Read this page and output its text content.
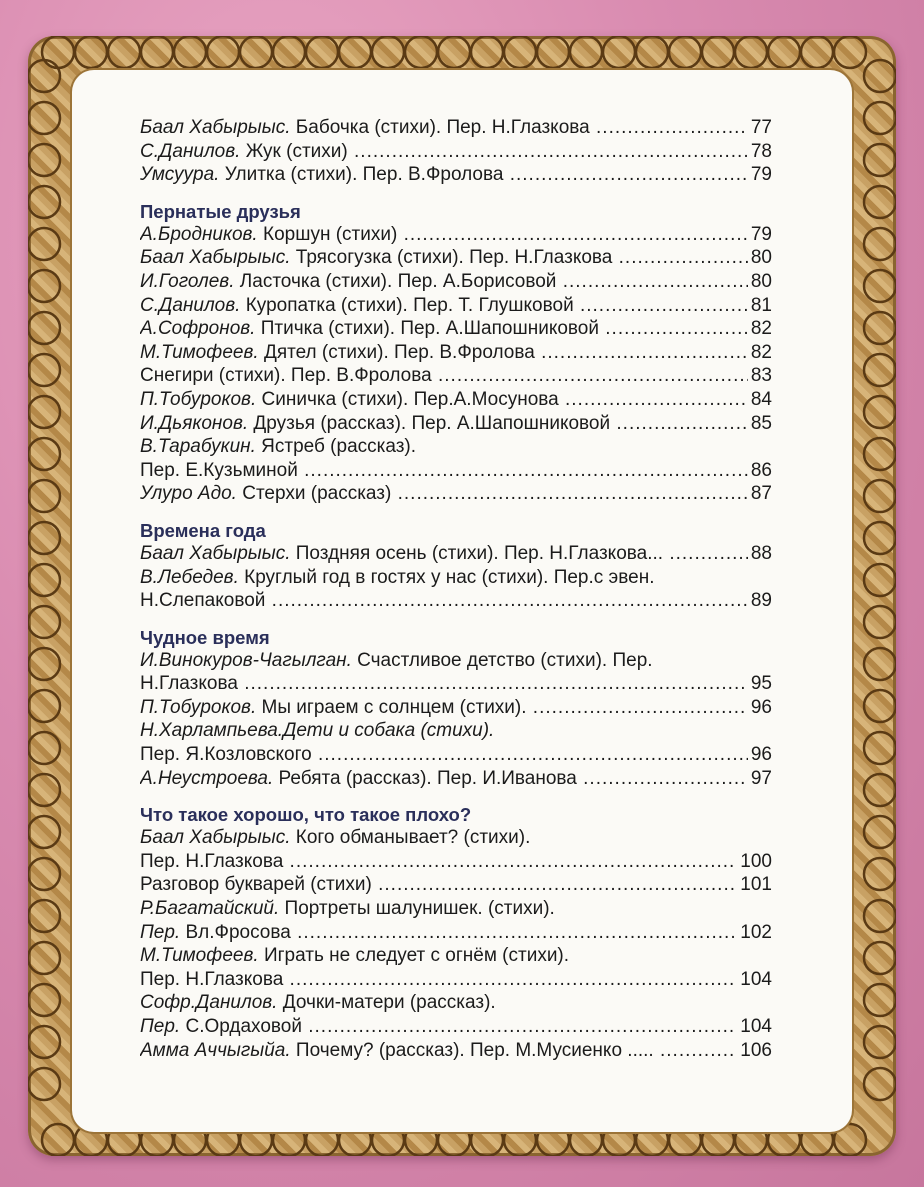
Баал Хабырыыс. Бабочка (стихи). Пер. Н.Глазкова .....	77
С.Данилов. Жук (стихи) .....	78
Умсуура. Улитка (стихи). Пер. В.Фролова .....	79
Пернатые друзья
А.Бродников. Коршун (стихи) .....	79
Баал Хабырыыс. Трясогузка (стихи). Пер. Н.Глазкова .....	80
И.Гоголев. Ласточка (стихи). Пер. А.Борисовой .....	80
С.Данилов. Куропатка (стихи). Пер. Т. Глушковой .....	81
А.Софронов. Птичка (стихи). Пер. А.Шапошниковой .....	82
М.Тимофеев. Дятел (стихи). Пер. В.Фролова .....	82
Снегири (стихи). Пер. В.Фролова .....	83
П.Тобуроков. Синичка (стихи). Пер.А.Мосунова .....	84
И.Дьяконов. Друзья (рассказ). Пер. А.Шапошниковой .....	85
В.Тарабукин. Ястреб (рассказ).
Пер. Е.Кузьминой .....	86
Улуро Адо. Стерхи (рассказ) .....	87
Времена года
Баал Хабырыыс. Поздняя осень (стихи). Пер. Н.Глазкова... .....	88
В.Лебедев. Круглый год в гостях у нас (стихи). Пер.с эвен.
Н.Слепаковой .....	89
Чудное время
И.Винокуров-Чагылган. Счастливое детство (стихи). Пер.
Н.Глазкова .....	95
П.Тобуроков. Мы играем с солнцем (стихи). .....	96
Н.Харлампьева.Дети и собака (стихи).
Пер. Я.Козловского .....	96
А.Неустроева. Ребята (рассказ). Пер. И.Иванова .....	97
Что такое хорошо, что такое плохо?
Баал Хабырыыс. Кого обманывает? (стихи).
Пер. Н.Глазкова .....	100
Разговор букварей (стихи) .....	101
Р.Багатайский. Портреты шалунишек. (стихи).
Пер. Вл.Фросова .....	102
М.Тимофеев. Играть не следует с огнём (стихи).
Пер. Н.Глазкова .....	104
Софр.Данилов. Дочки-матери (рассказ).
Пер. С.Ордаховой .....	104
Амма Аччыгыйа. Почему? (рассказ). Пер. М.Мусиенко ..... .....	106
